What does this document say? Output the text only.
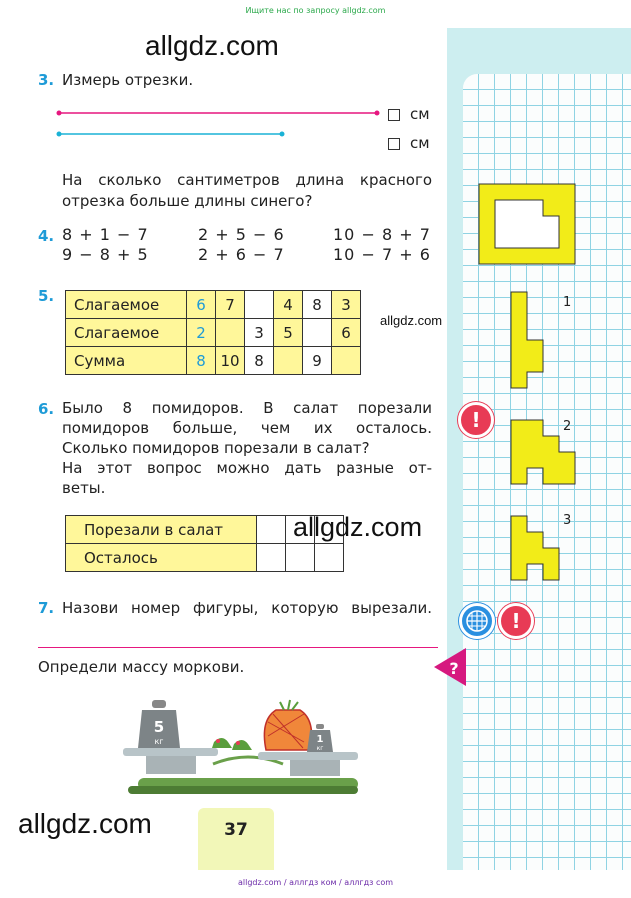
Ищите нас по запросу allgdz.com
allgdz.com
3. Измерь отрезки.
см
см
На сколько сантиметров длина красного
отрезка больше длины синего?
4. 8 + 1 − 7	2 + 5 − 6	10 − 8 + 7
9 − 8 + 5	2 + 6 − 7	10 − 7 + 6
5. Слагаемое	6	7		4	8	3
Слагаемое	2		3	5		6
Сумма	8	10	8		9	
allgdz.com
6. Было 8 помидоров. В салат порезали
помидоров больше, чем их осталось.
Сколько помидоров порезали в салат?
На этот вопрос можно дать разные от-
веты.
Порезали в салат			
Осталось			
allgdz.com
7. Назови номер фигуры, которую вырезали.
?
Определи массу моркови.
5
кг	1
кг
allgdz.com	37
1
2
3
!
!
allgdz.com / аллгдз ком / аллгдз com
